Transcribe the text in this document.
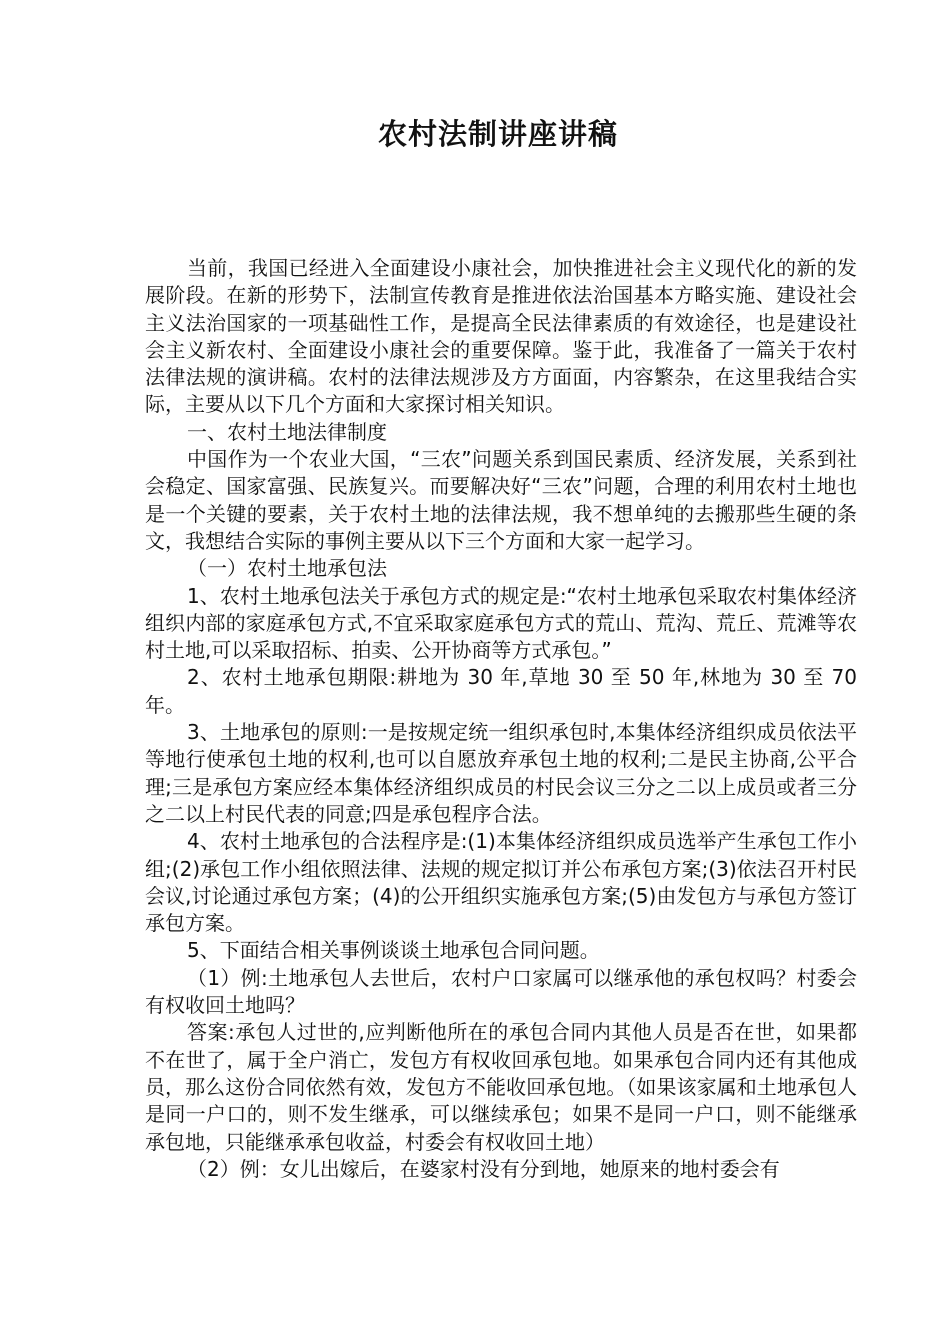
农村法制讲座讲稿

当前，我国已经进入全面建设小康社会，加快推进社会主义现代化的新的发展阶段。在新的形势下，法制宣传教育是推进依法治国基本方略实施、建设社会主义法治国家的一项基础性工作，是提高全民法律素质的有效途径，也是建设社会主义新农村、全面建设小康社会的重要保障。鉴于此，我准备了一篇关于农村法律法规的演讲稿。农村的法律法规涉及方方面面，内容繁杂，在这里我结合实际，主要从以下几个方面和大家探讨相关知识。

一、农村土地法律制度

中国作为一个农业大国，“三农”问题关系到国民素质、经济发展，关系到社会稳定、国家富强、民族复兴。而要解决好“三农”问题，合理的利用农村土地也是一个关键的要素，关于农村土地的法律法规，我不想单纯的去搬那些生硬的条文，我想结合实际的事例主要从以下三个方面和大家一起学习。

（一）农村土地承包法

1、农村土地承包法关于承包方式的规定是:“农村土地承包采取农村集体经济组织内部的家庭承包方式,不宜采取家庭承包方式的荒山、荒沟、荒丘、荒滩等农村土地,可以采取招标、拍卖、公开协商等方式承包。”

2、农村土地承包期限:耕地为 30 年,草地 30 至 50 年,林地为 30 至 70 年。

3、土地承包的原则:一是按规定统一组织承包时,本集体经济组织成员依法平等地行使承包土地的权利,也可以自愿放弃承包土地的权利;二是民主协商,公平合理;三是承包方案应经本集体经济组织成员的村民会议三分之二以上成员或者三分之二以上村民代表的同意;四是承包程序合法。

4、农村土地承包的合法程序是:(1)本集体经济组织成员选举产生承包工作小组;(2)承包工作小组依照法律、法规的规定拟订并公布承包方案;(3)依法召开村民会议,讨论通过承包方案；(4)的公开组织实施承包方案;(5)由发包方与承包方签订承包方案。

5、下面结合相关事例谈谈土地承包合同问题。

（1）例:土地承包人去世后，农村户口家属可以继承他的承包权吗？村委会有权收回土地吗？

答案:承包人过世的,应判断他所在的承包合同内其他人员是否在世，如果都不在世了，属于全户消亡，发包方有权收回承包地。如果承包合同内还有其他成员，那么这份合同依然有效，发包方不能收回承包地。（如果该家属和土地承包人是同一户口的，则不发生继承，可以继续承包；如果不是同一户口，则不能继承承包地，只能继承承包收益，村委会有权收回土地）

（2）例：女儿出嫁后，在婆家村没有分到地，她原来的地村委会有
